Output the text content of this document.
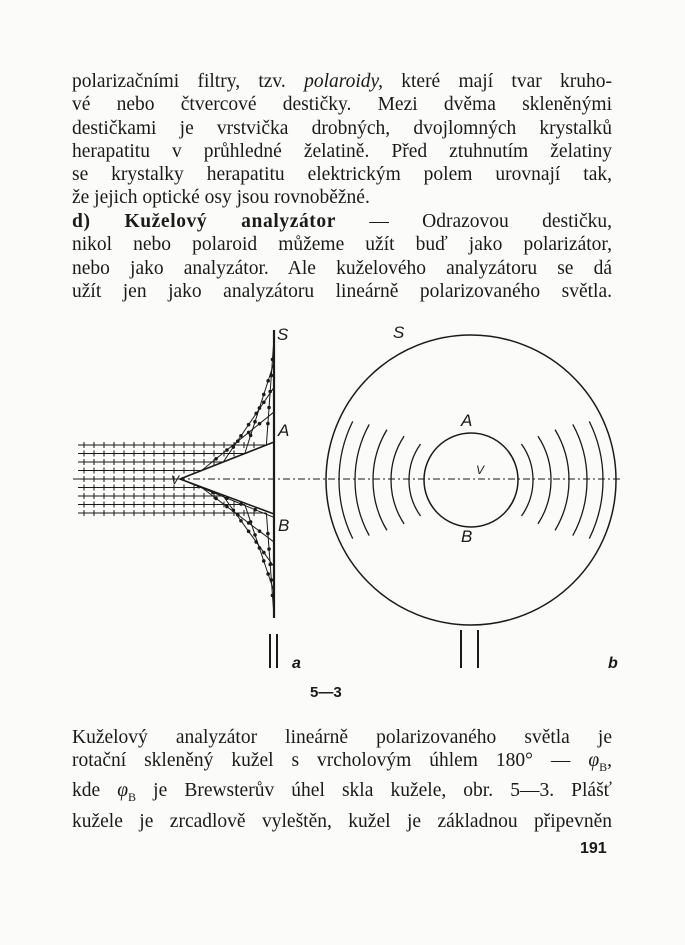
polarizačními filtry, tzv. polaroidy, které mají tvar kruho-
vé nebo čtvercové destičky. Mezi dvěma skleněnými
destičkami je vrstvička drobných, dvojlomných krystalků
herapatitu v průhledné želatině. Před ztuhnutím želatiny
se krystalky herapatitu elektrickým polem urovnají tak,
že jejich optické osy jsou rovnoběžné.
d) Kuželový analyzátor — Odrazovou destičku,
nikol nebo polaroid můžeme užít buď jako polarizátor,
nebo jako analyzátor. Ale kuželového analyzátoru se dá
užít jen jako analyzátoru lineárně polarizovaného světla.
S
A
B
V
a
S
A
B
V
b
5—3
Kuželový analyzátor lineárně polarizovaného světla je
rotační skleněný kužel s vrcholovým úhlem 180° — $\varphi_B$,
kde $\varphi_B$ je Brewsterův úhel skla kužele, obr. 5—3. Plášť
kužele je zrcadlově vyleštěn, kužel je základnou připevněn
191
